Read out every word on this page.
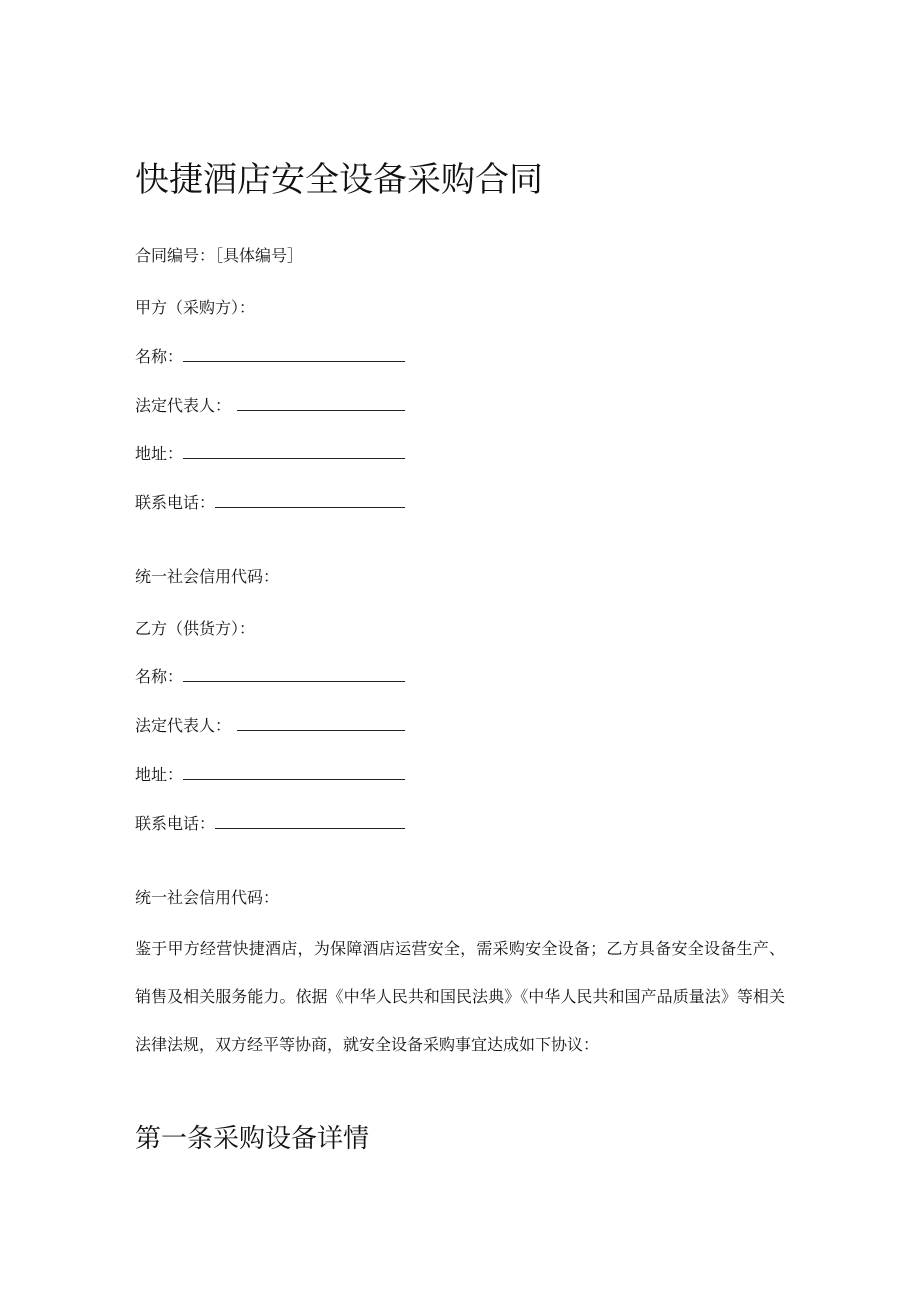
快捷酒店安全设备采购合同
合同编号：［具体编号］
甲方（采购方）：
名称：
法定代表人：
地址：
联系电话：
统一社会信用代码：
乙方（供货方）：
名称：
法定代表人：
地址：
联系电话：
统一社会信用代码：

鉴于甲方经营快捷酒店，为保障酒店运营安全，需采购安全设备；乙方具备安全设备生产、销售及相关服务能力。依据《中华人民共和国民法典》《中华人民共和国产品质量法》等相关法律法规，双方经平等协商，就安全设备采购事宜达成如下协议：

第一条采购设备详情
